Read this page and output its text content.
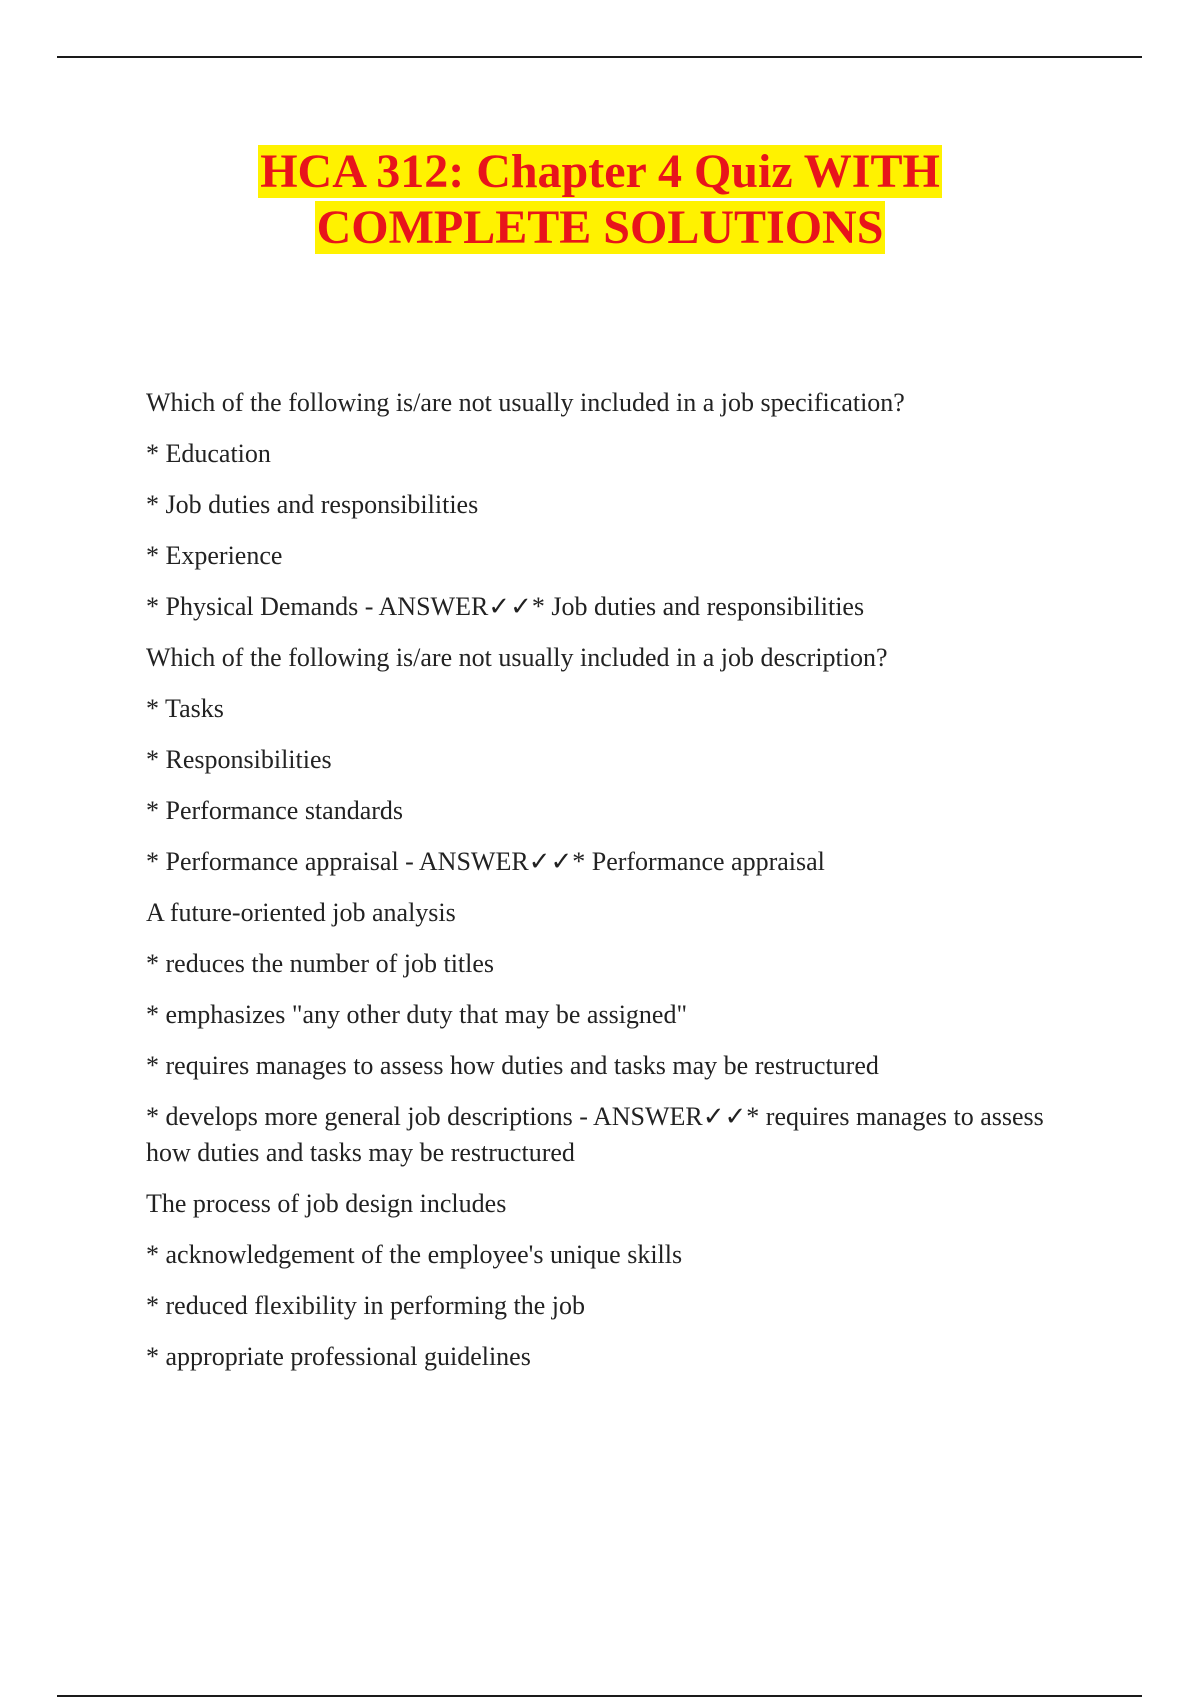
HCA 312: Chapter 4 Quiz WITH
COMPLETE SOLUTIONS

Which of the following is/are not usually included in a job specification?

* Education

* Job duties and responsibilities

* Experience

* Physical Demands - ANSWER✓✓* Job duties and responsibilities

Which of the following is/are not usually included in a job description?

* Tasks

* Responsibilities

* Performance standards

* Performance appraisal - ANSWER✓✓* Performance appraisal

A future-oriented job analysis

* reduces the number of job titles

* emphasizes "any other duty that may be assigned"

* requires manages to assess how duties and tasks may be restructured

* develops more general job descriptions - ANSWER✓✓* requires manages to assess how duties and tasks may be restructured

The process of job design includes

* acknowledgement of the employee's unique skills

* reduced flexibility in performing the job

* appropriate professional guidelines
